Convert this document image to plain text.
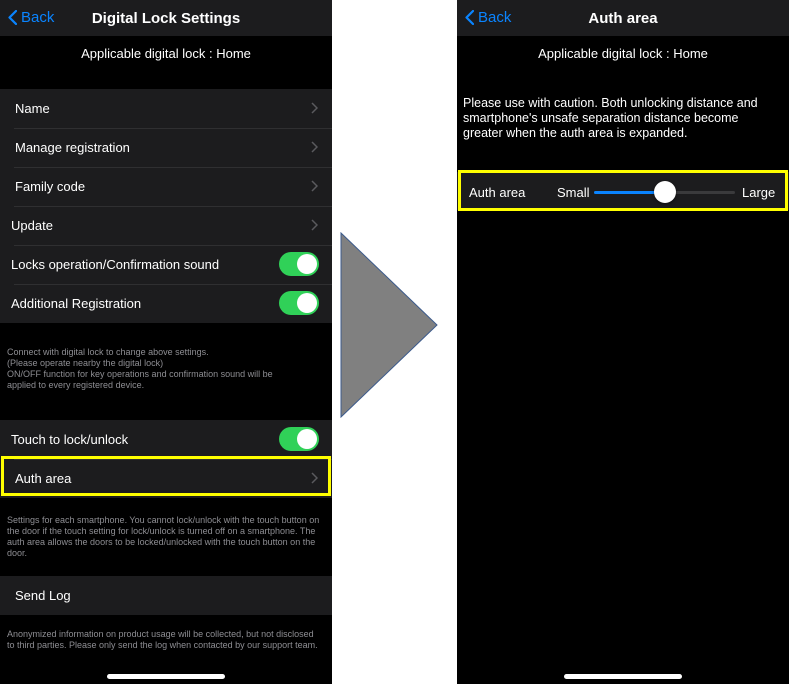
Back	Digital Lock Settings
Applicable digital lock : Home
Name
Manage registration
Family code
Update
Locks operation/Confirmation sound
Additional Registration
Connect with digital lock to change above settings.
(Please operate nearby the digital lock)
ON/OFF function for key operations and confirmation sound will be
applied to every registered device.
Touch to lock/unlock
Auth area
Settings for each smartphone. You cannot lock/unlock with the touch button on the door if the touch setting for lock/unlock is turned off on a smartphone. The auth area allows the doors to be locked/unlocked with the touch button on the door.
Send Log
Anonymized information on product usage will be collected, but not disclosed to third parties. Please only send the log when contacted by our support team.
Back	Auth area
Applicable digital lock : Home
Please use with caution. Both unlocking distance and smartphone's unsafe separation distance become greater when the auth area is expanded.
Auth area Small	Large
